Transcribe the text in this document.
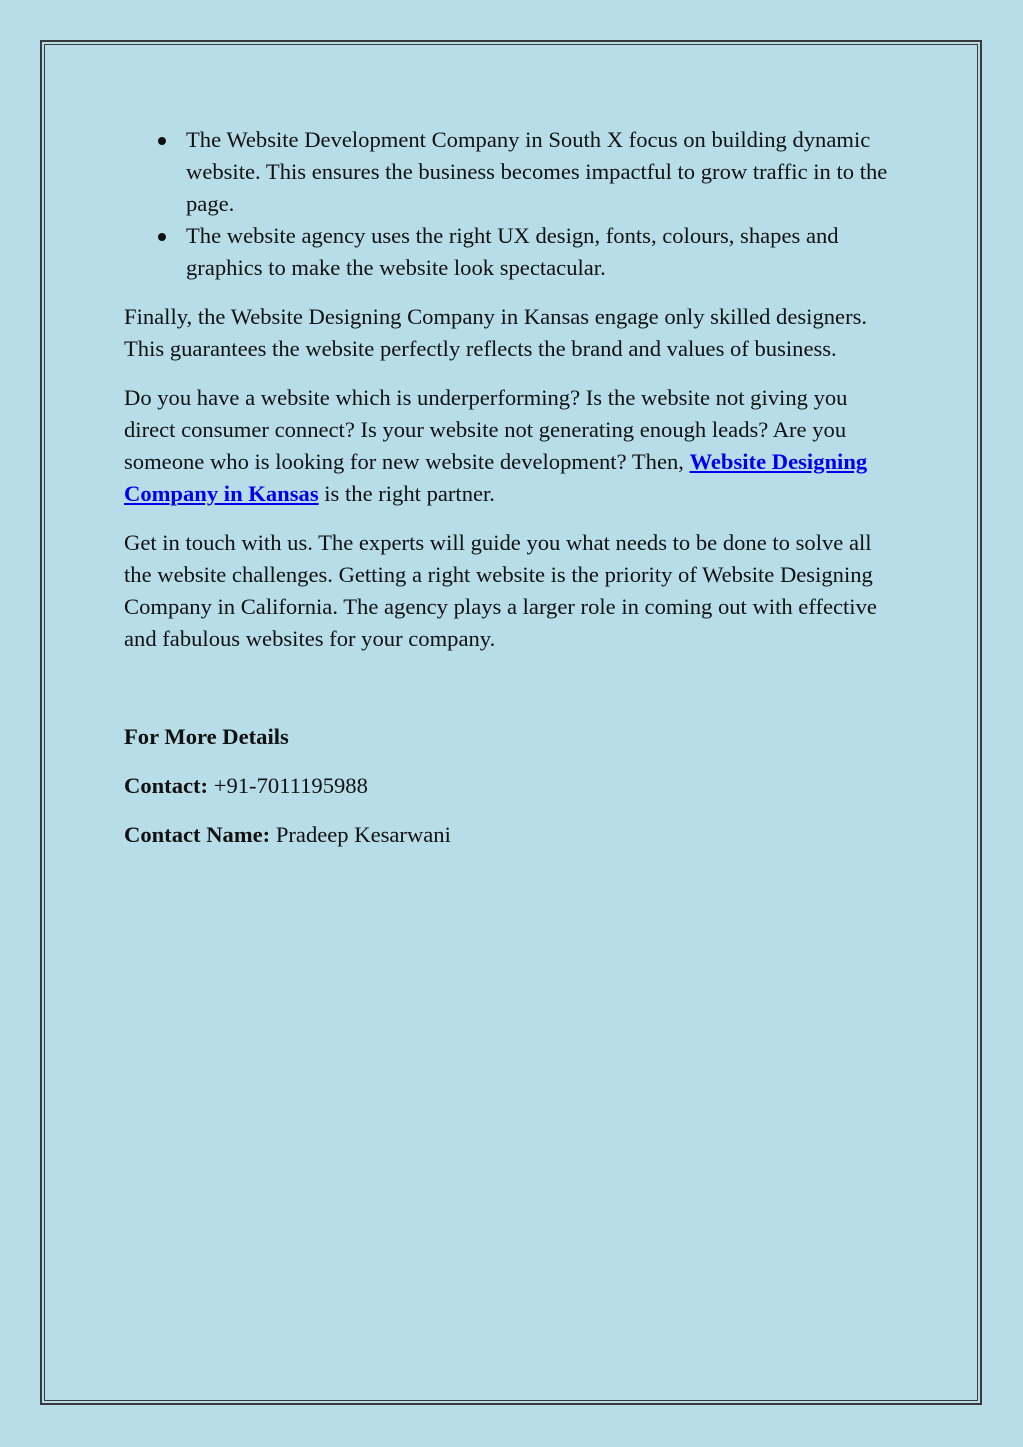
The Website Development Company in South X focus on building dynamic website. This ensures the business becomes impactful to grow traffic in to the page.
The website agency uses the right UX design, fonts, colours, shapes and graphics to make the website look spectacular.

Finally, the Website Designing Company in Kansas engage only skilled designers. This guarantees the website perfectly reflects the brand and values of business.

Do you have a website which is underperforming? Is the website not giving you direct consumer connect? Is your website not generating enough leads? Are you someone who is looking for new website development? Then, Website Designing Company in Kansas is the right partner.

Get in touch with us. The experts will guide you what needs to be done to solve all the website challenges. Getting a right website is the priority of Website Designing Company in California. The agency plays a larger role in coming out with effective and fabulous websites for your company.

For More Details

Contact: +91-7011195988

Contact Name: Pradeep Kesarwani
